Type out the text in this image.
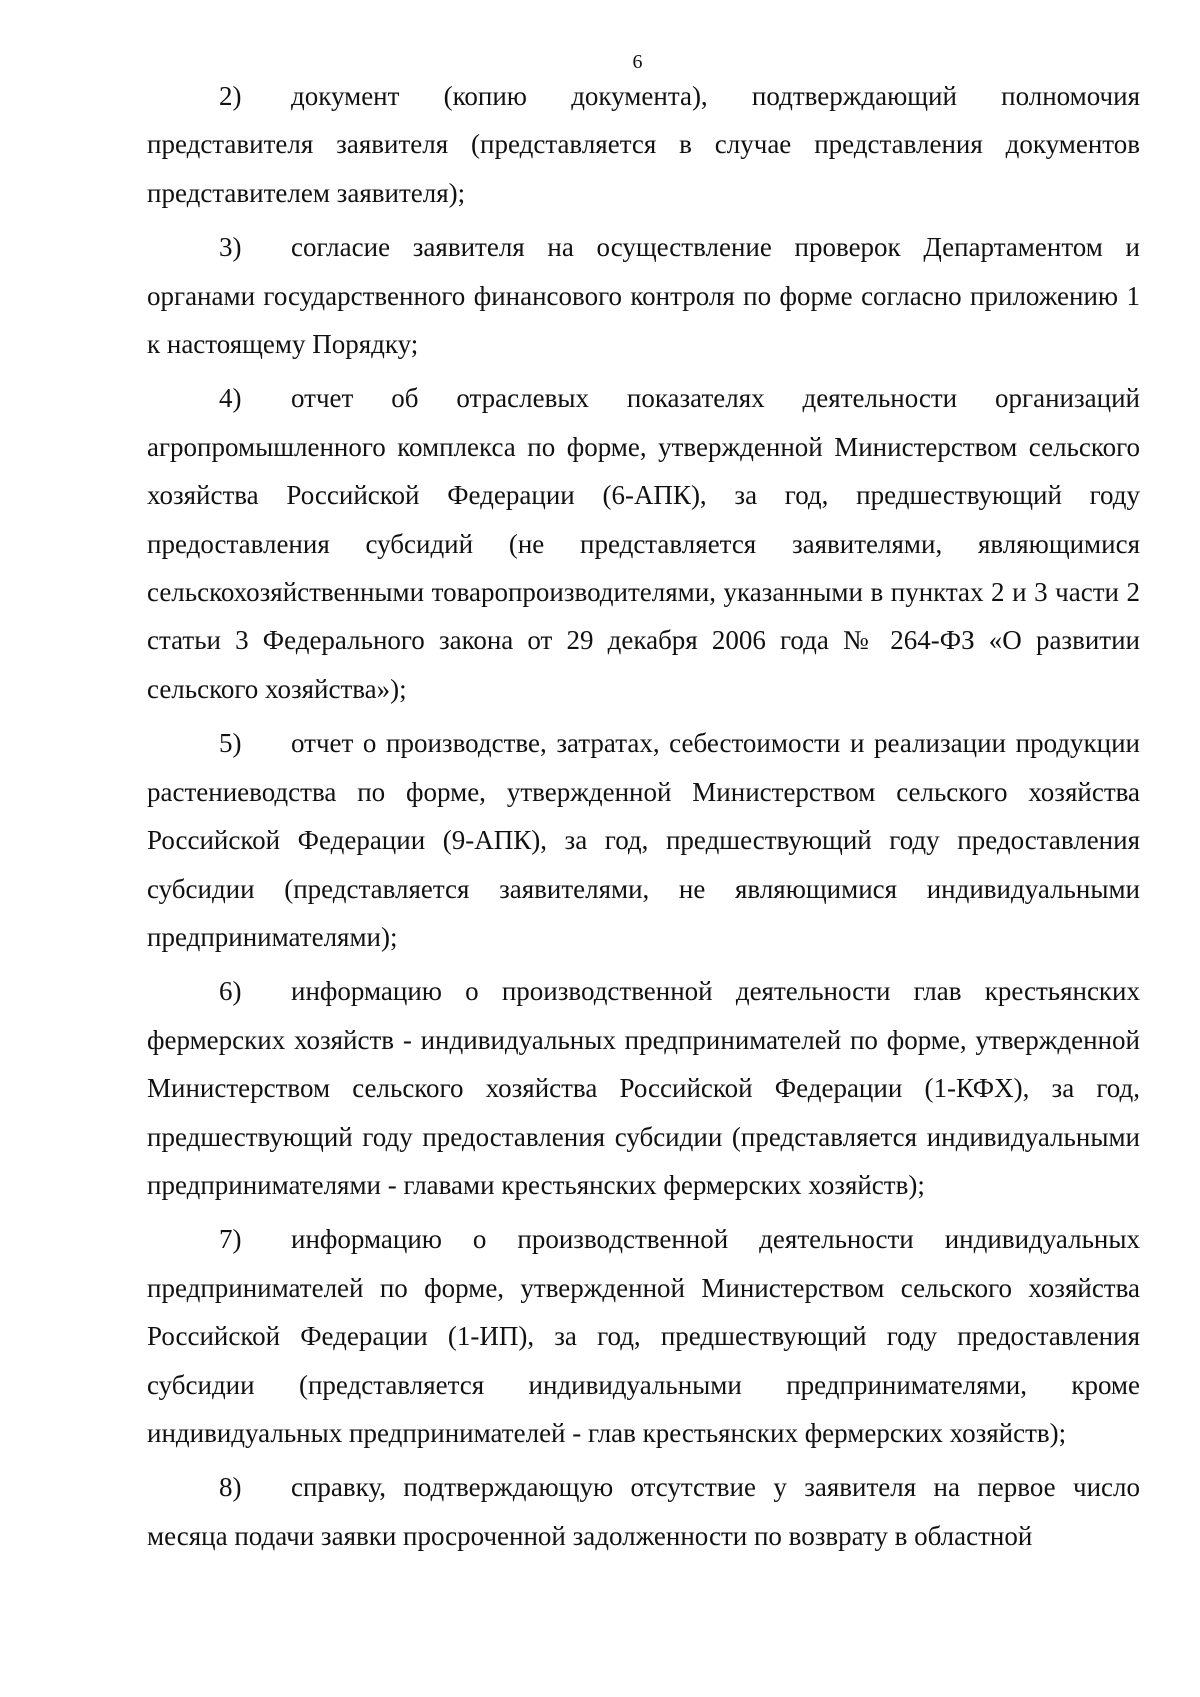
6

2) документ (копию документа), подтверждающий полномочия представителя заявителя (представляется в случае представления документов представителем заявителя);

3) согласие заявителя на осуществление проверок Департаментом и органами государственного финансового контроля по форме согласно приложению 1 к настоящему Порядку;

4) отчет об отраслевых показателях деятельности организаций агропромышленного комплекса по форме, утвержденной Министерством сельского хозяйства Российской Федерации (6-АПК), за год, предшествующий году предоставления субсидий (не представляется заявителями, являющимися сельскохозяйственными товаропроизводителями, указанными в пунктах 2 и 3 части 2 статьи 3 Федерального закона от 29 декабря 2006 года № 264-ФЗ «О развитии сельского хозяйства»);

5) отчет о производстве, затратах, себестоимости и реализации продукции растениеводства по форме, утвержденной Министерством сельского хозяйства Российской Федерации (9-АПК), за год, предшествующий году предоставления субсидии (представляется заявителями, не являющимися индивидуальными предпринимателями);

6) информацию о производственной деятельности глав крестьянских фермерских хозяйств - индивидуальных предпринимателей по форме, утвержденной Министерством сельского хозяйства Российской Федерации (1-КФХ), за год, предшествующий году предоставления субсидии (представляется индивидуальными предпринимателями - главами крестьянских фермерских хозяйств);

7) информацию о производственной деятельности индивидуальных предпринимателей по форме, утвержденной Министерством сельского хозяйства Российской Федерации (1-ИП), за год, предшествующий году предоставления субсидии (представляется индивидуальными предпринимателями, кроме индивидуальных предпринимателей - глав крестьянских фермерских хозяйств);

8) справку, подтверждающую отсутствие у заявителя на первое число месяца подачи заявки просроченной задолженности по возврату в областной
